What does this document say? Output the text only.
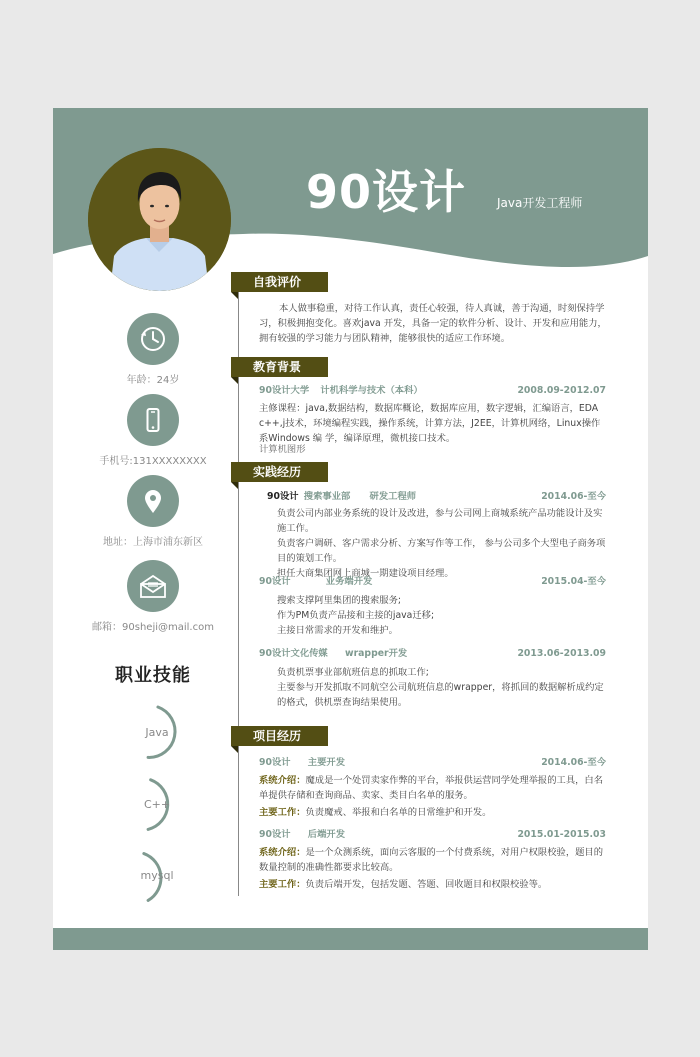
90设计	Java开发工程师
年龄：24岁
手机号:131XXXXXXXX
地址：上海市浦东新区
邮箱：90sheji@mail.com
职业技能
Java
C++
mysql
自我评价
本人做事稳重，对待工作认真，责任心较强，待人真诚，善于沟通，时刻保持学习，积极拥抱变化。喜欢java 开发，具备一定的软件分析、设计、开发和应用能力，拥有较强的学习能力与团队精神，能够很快的适应工作环境。
教育背景
90设计大学 计机科学与技术（本科）	2008.09-2012.07
主修课程：java,数据结构，数据库概论，数据库应用，数字逻辑，汇编语言，EDA c++,j技术，环境编程实践，操作系统，计算方法，J2EE，计算机网络，Linux操作系Windows 编 学，编译原理，微机接口技术。
计算机图形
实践经历
90设计 搜索事业部 研发工程师	2014.06-至今
负责公司内部业务系统的设计及改进，参与公司网上商城系统产品功能设计及实施工作。
负责客户调研、客户需求分析、方案写作等工作， 参与公司多个大型电子商务项目的策划工作。
担任大商集团网上商城一期建设项目经理。
90设计	业务端开发	2015.04-至今
搜索支撑阿里集团的搜索服务;
作为PM负责产品接和主接的java迁移;
主接日常需求的开发和维护。
90设计文化传媒 wrapper开发	2013.06-2013.09
负责机票事业部航班信息的抓取工作;
主要参与开发抓取不同航空公司航班信息的wrapper，将抓回的数据解析成约定的格式，供机票查询结果使用。
项目经历
90设计 主要开发	2014.06-至今
系统介绍：魔成是一个处罚卖家作弊的平台，举报供运营同学处理举报的工具，白名单提供存储和查询商品、卖家、类目白名单的服务。
主要工作：负责魔戒、举报和白名单的日常维护和开发。
90设计 后端开发	2015.01-2015.03
系统介绍：是一个众测系统，面向云客服的一个付费系统，对用户权限校验，题目的数量控制的准确性都要求比较高。
主要工作：负责后端开发，包括发题、答题、回收题目和权限校验等。
